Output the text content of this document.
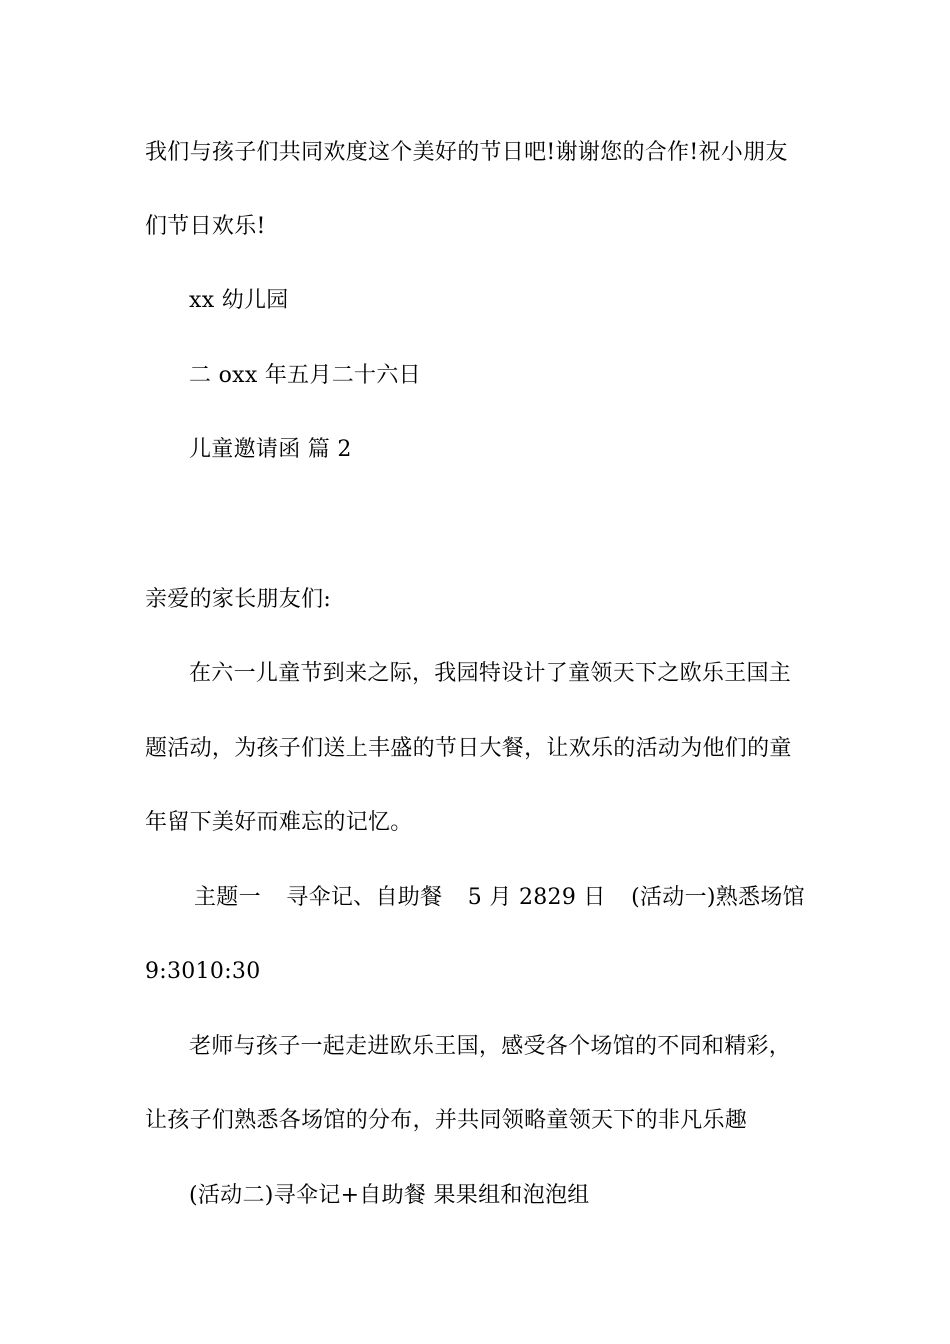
我们与孩子们共同欢度这个美好的节日吧!谢谢您的合作!祝小朋友
们节日欢乐!
xx 幼儿园
二 oxx 年五月二十六日
儿童邀请函 篇 2
亲爱的家长朋友们:
在六一儿童节到来之际，我园特设计了童领天下之欧乐王国主
题活动，为孩子们送上丰盛的节日大餐，让欢乐的活动为他们的童
年留下美好而难忘的记忆。
主题一 寻伞记、自助餐 5 月 2829 日 (活动一)熟悉场馆
9:3010:30
老师与孩子一起走进欧乐王国，感受各个场馆的不同和精彩，
让孩子们熟悉各场馆的分布，并共同领略童领天下的非凡乐趣
(活动二)寻伞记+自助餐 果果组和泡泡组
